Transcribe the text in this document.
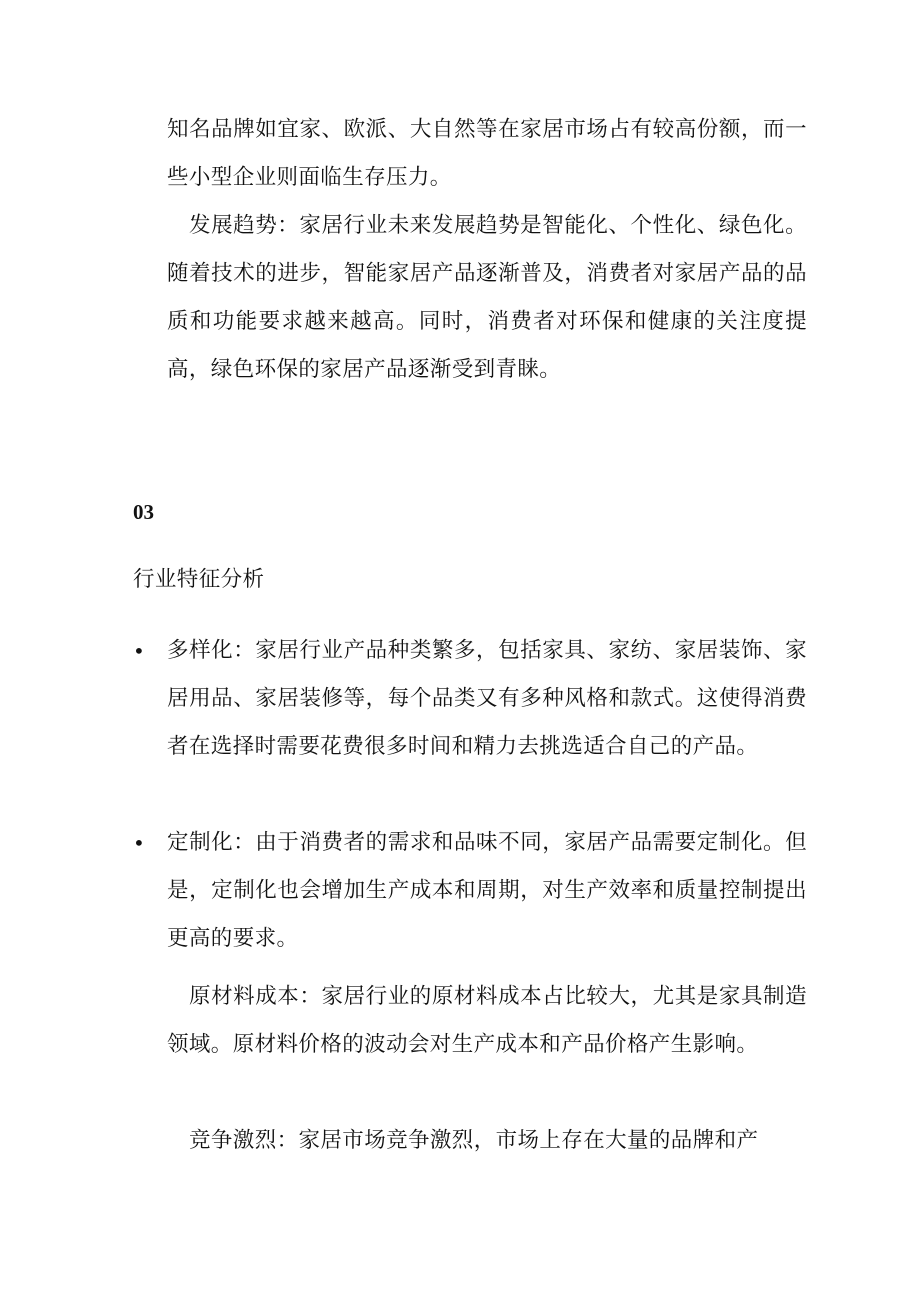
知名品牌如宜家、欧派、大自然等在家居市场占有较高份额，而一些小型企业则面临生存压力。

发展趋势：家居行业未来发展趋势是智能化、个性化、绿色化。随着技术的进步，智能家居产品逐渐普及，消费者对家居产品的品质和功能要求越来越高。同时，消费者对环保和健康的关注度提高，绿色环保的家居产品逐渐受到青睐。

03

行业特征分析

•	多样化：家居行业产品种类繁多，包括家具、家纺、家居装饰、家居用品、家居装修等，每个品类又有多种风格和款式。这使得消费者在选择时需要花费很多时间和精力去挑选适合自己的产品。

•	定制化：由于消费者的需求和品味不同，家居产品需要定制化。但是，定制化也会增加生产成本和周期，对生产效率和质量控制提出更高的要求。

原材料成本：家居行业的原材料成本占比较大，尤其是家具制造领域。原材料价格的波动会对生产成本和产品价格产生影响。

竞争激烈：家居市场竞争激烈，市场上存在大量的品牌和产
